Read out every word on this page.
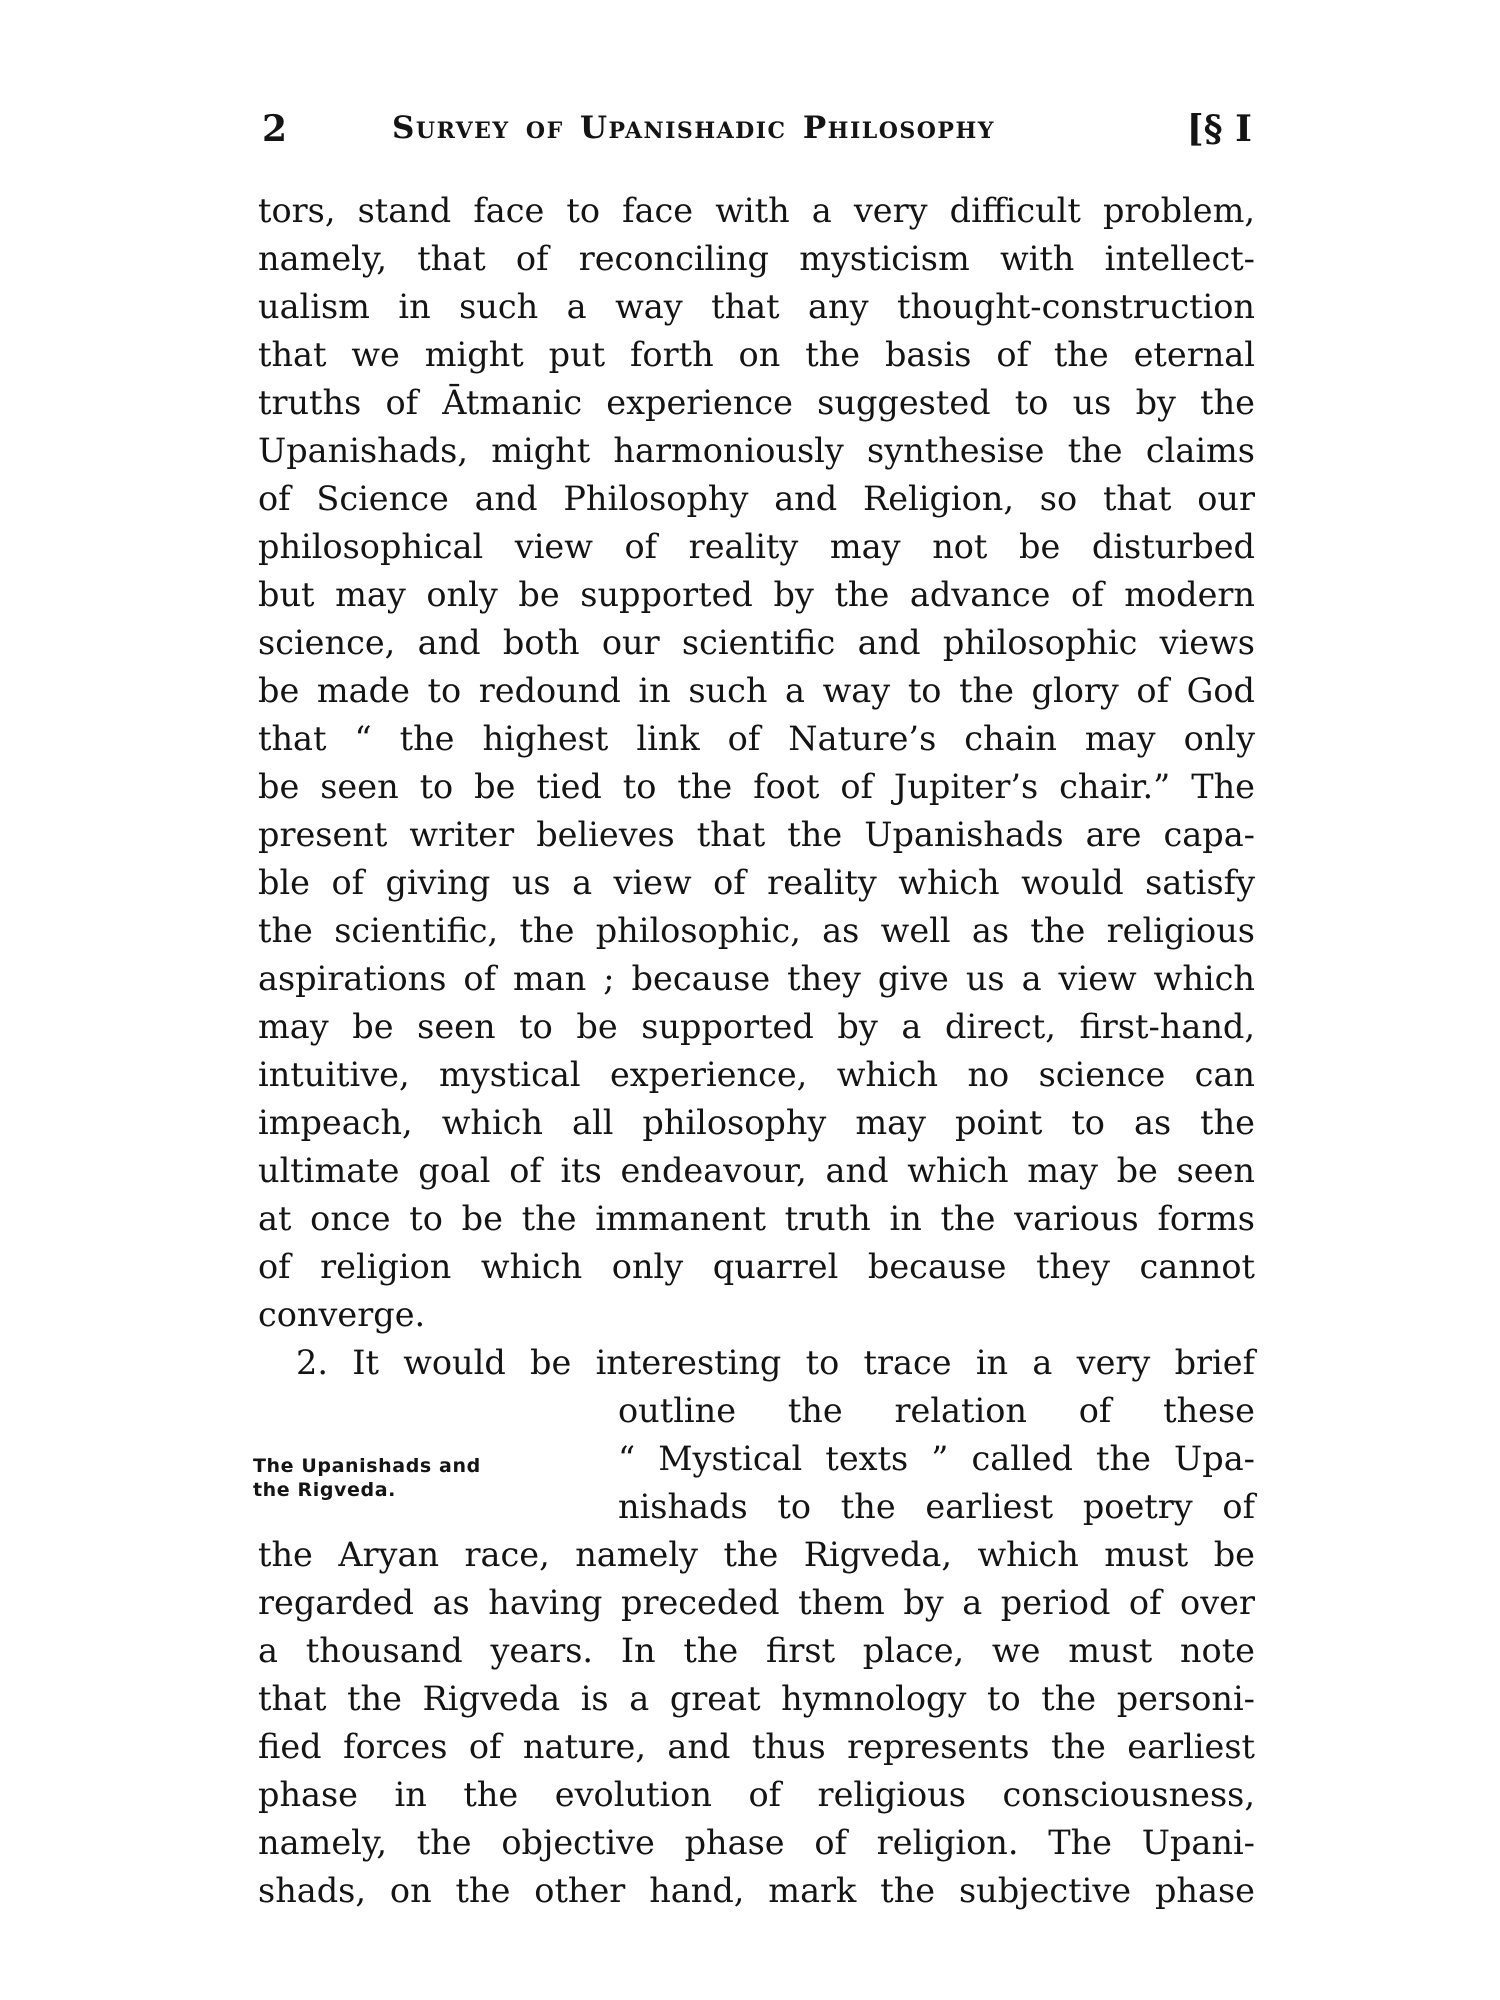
2	Survey of Upanishadic Philosophy	[§ I
tors, stand face to face with a very difficult problem,
namely, that of reconciling mysticism with intellect-
ualism in such a way that any thought-construction
that we might put forth on the basis of the eternal
truths of Ātmanic experience suggested to us by the
Upanishads, might harmoniously synthesise the claims
of Science and Philosophy and Religion, so that our
philosophical view of reality may not be disturbed
but may only be supported by the advance of modern
science, and both our scientific and philosophic views
be made to redound in such a way to the glory of God
that “ the highest link of Nature’s chain may only
be seen to be tied to the foot of Jupiter’s chair.” The
present writer believes that the Upanishads are capa-
ble of giving us a view of reality which would satisfy
the scientific, the philosophic, as well as the religious
aspirations of man ; because they give us a view which
may be seen to be supported by a direct, first-hand,
intuitive, mystical experience, which no science can
impeach, which all philosophy may point to as the
ultimate goal of its endeavour, and which may be seen
at once to be the immanent truth in the various forms
of religion which only quarrel because they cannot
converge.
2. It would be interesting to trace in a very brief
The Upanishads and
the Rigveda.
outline the relation of these
“ Mystical texts ” called the Upa-
nishads to the earliest poetry of
the Aryan race, namely the Rigveda, which must be
regarded as having preceded them by a period of over
a thousand years. In the first place, we must note
that the Rigveda is a great hymnology to the personi-
fied forces of nature, and thus represents the earliest
phase in the evolution of religious consciousness,
namely, the objective phase of religion. The Upani-
shads, on the other hand, mark the subjective phase
